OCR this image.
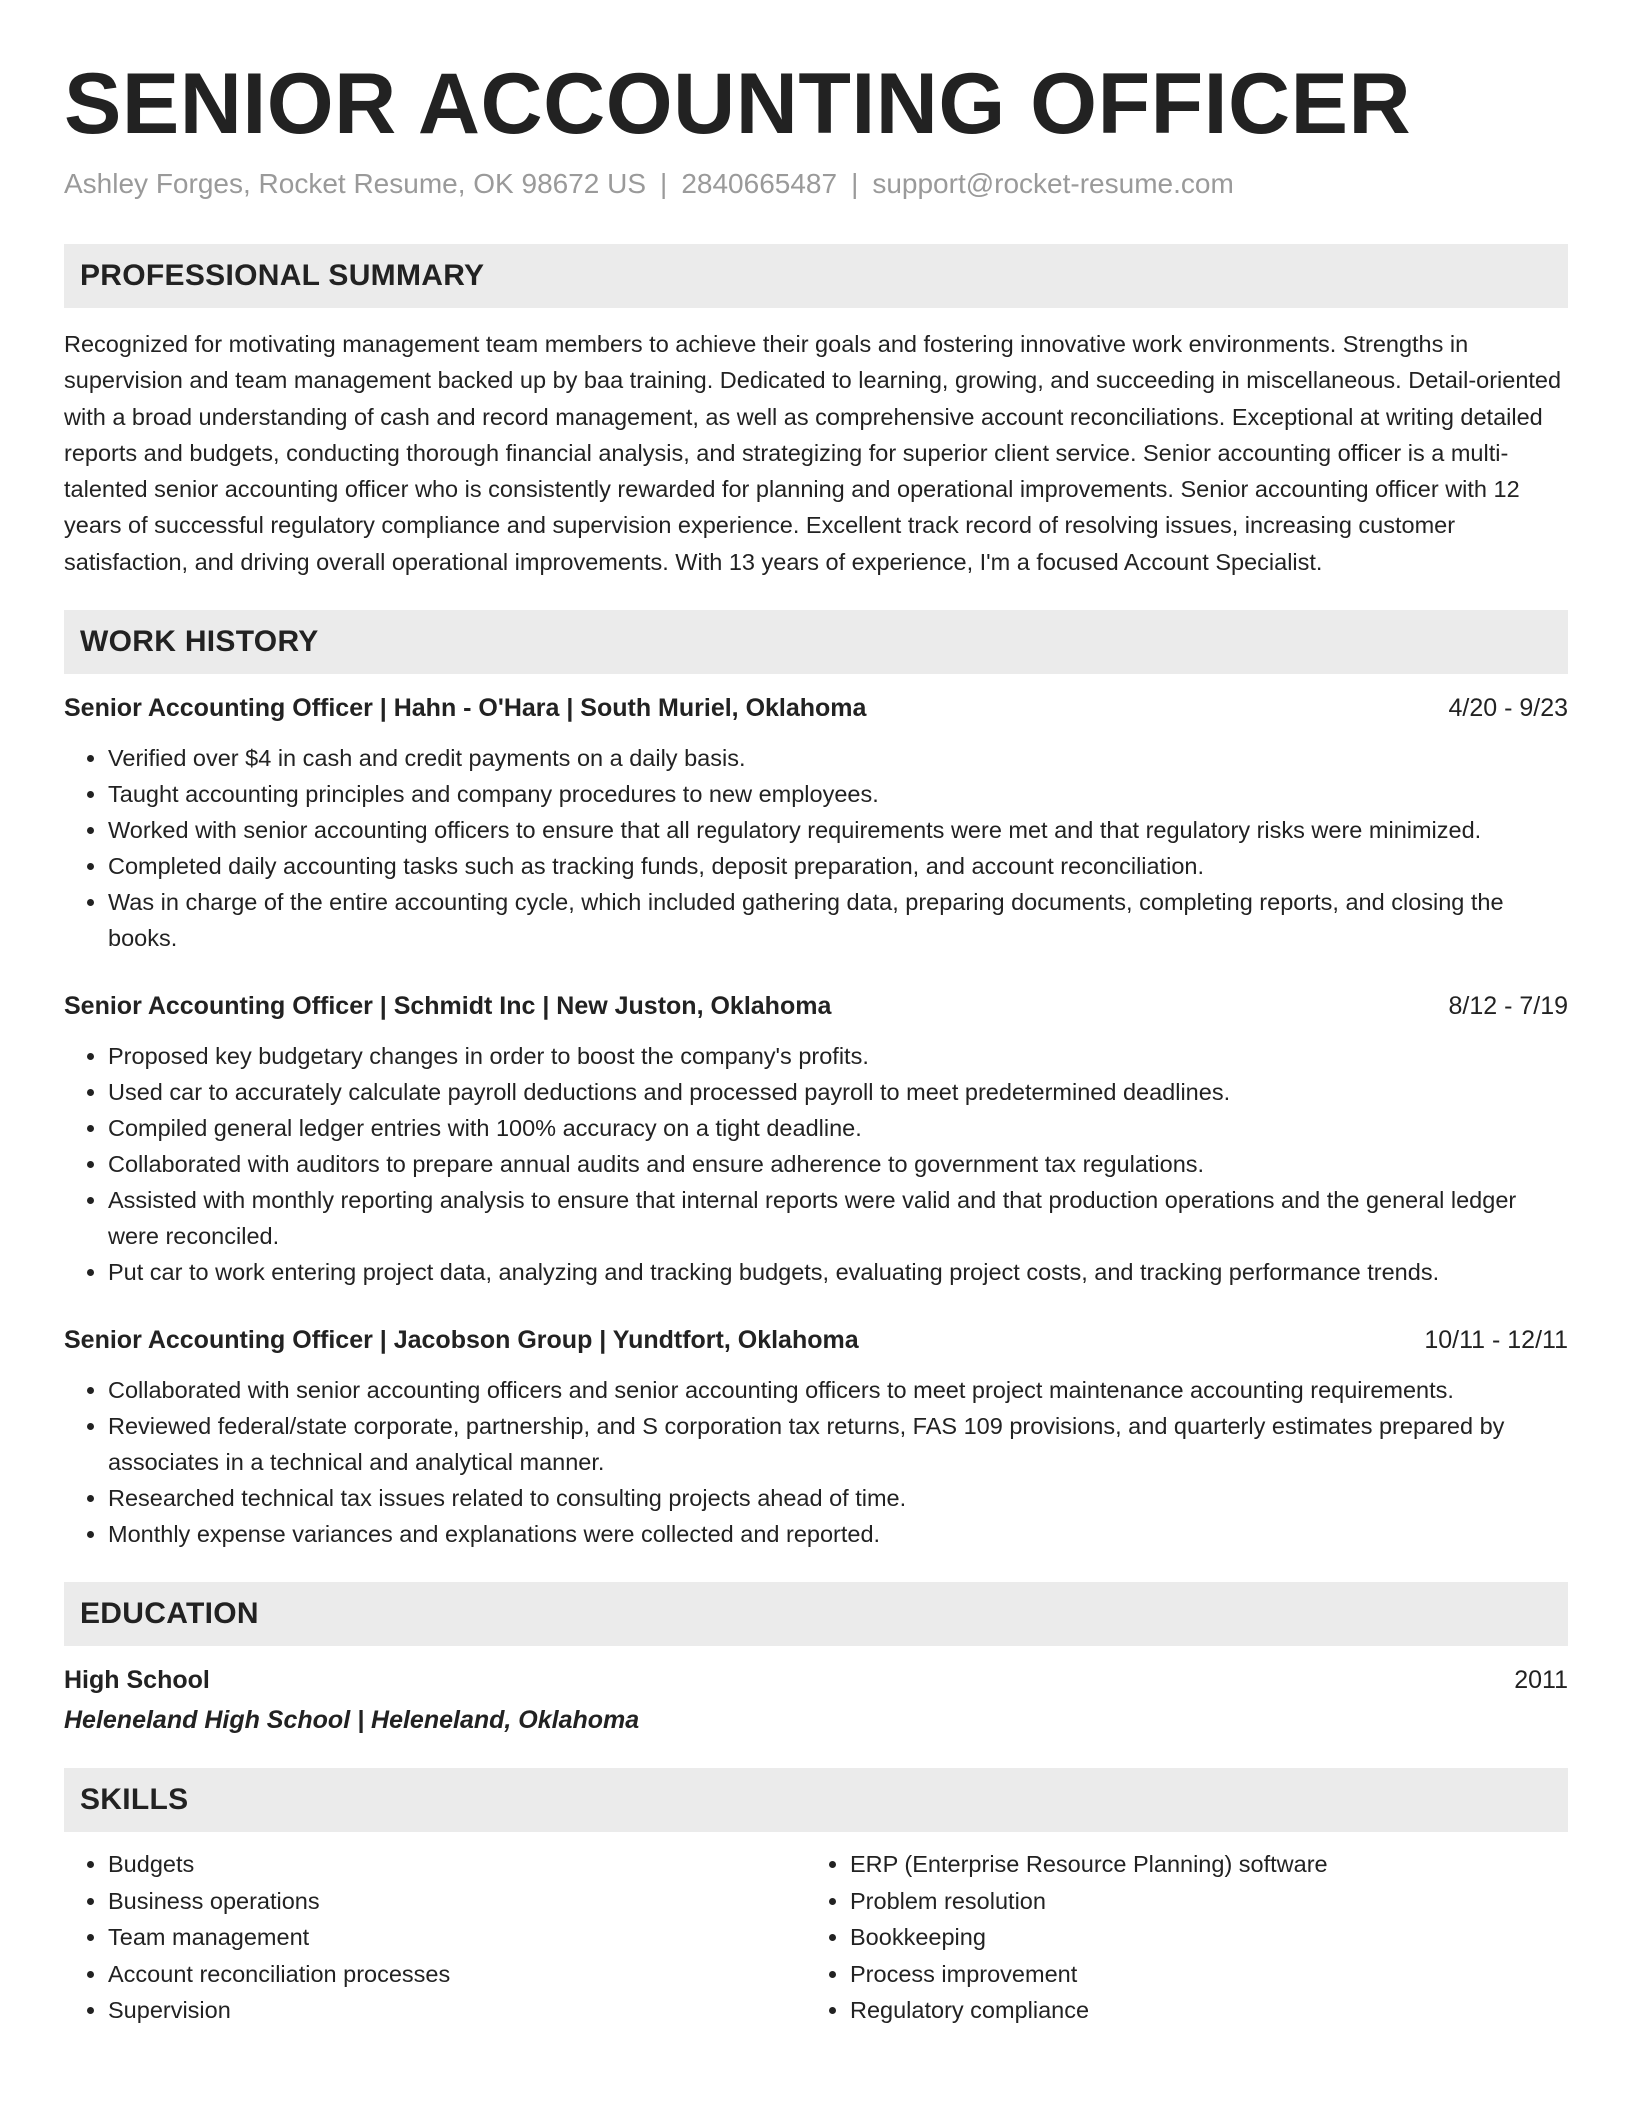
SENIOR ACCOUNTING OFFICER
Ashley Forges, Rocket Resume, OK 98672 US | 2840665487 | support@rocket-resume.com
PROFESSIONAL SUMMARY

Recognized for motivating management team members to achieve their goals and fostering innovative work environments. Strengths in supervision and team management backed up by baa training. Dedicated to learning, growing, and succeeding in miscellaneous. Detail-oriented with a broad understanding of cash and record management, as well as comprehensive account reconciliations. Exceptional at writing detailed reports and budgets, conducting thorough financial analysis, and strategizing for superior client service. Senior accounting officer is a multi-talented senior accounting officer who is consistently rewarded for planning and operational improvements. Senior accounting officer with 12 years of successful regulatory compliance and supervision experience. Excellent track record of resolving issues, increasing customer satisfaction, and driving overall operational improvements. With 13 years of experience, I'm a focused Account Specialist.

WORK HISTORY
Senior Accounting Officer | Hahn - O'Hara | South Muriel, Oklahoma	4/20 - 9/23
• Verified over $4 in cash and credit payments on a daily basis.
• Taught accounting principles and company procedures to new employees.
• Worked with senior accounting officers to ensure that all regulatory requirements were met and that regulatory risks were minimized.
• Completed daily accounting tasks such as tracking funds, deposit preparation, and account reconciliation.
• Was in charge of the entire accounting cycle, which included gathering data, preparing documents, completing reports, and closing the books.
Senior Accounting Officer | Schmidt Inc | New Juston, Oklahoma	8/12 - 7/19
• Proposed key budgetary changes in order to boost the company's profits.
• Used car to accurately calculate payroll deductions and processed payroll to meet predetermined deadlines.
• Compiled general ledger entries with 100% accuracy on a tight deadline.
• Collaborated with auditors to prepare annual audits and ensure adherence to government tax regulations.
• Assisted with monthly reporting analysis to ensure that internal reports were valid and that production operations and the general ledger were reconciled.
• Put car to work entering project data, analyzing and tracking budgets, evaluating project costs, and tracking performance trends.
Senior Accounting Officer | Jacobson Group | Yundtfort, Oklahoma	10/11 - 12/11
• Collaborated with senior accounting officers and senior accounting officers to meet project maintenance accounting requirements.
• Reviewed federal/state corporate, partnership, and S corporation tax returns, FAS 109 provisions, and quarterly estimates prepared by associates in a technical and analytical manner.
• Researched technical tax issues related to consulting projects ahead of time.
• Monthly expense variances and explanations were collected and reported.
EDUCATION
High School	2011
Heleneland High School | Heleneland, Oklahoma
SKILLS
• Budgets
• Business operations
• Team management
• Account reconciliation processes
• Supervision
• ERP (Enterprise Resource Planning) software
• Problem resolution
• Bookkeeping
• Process improvement
• Regulatory compliance
